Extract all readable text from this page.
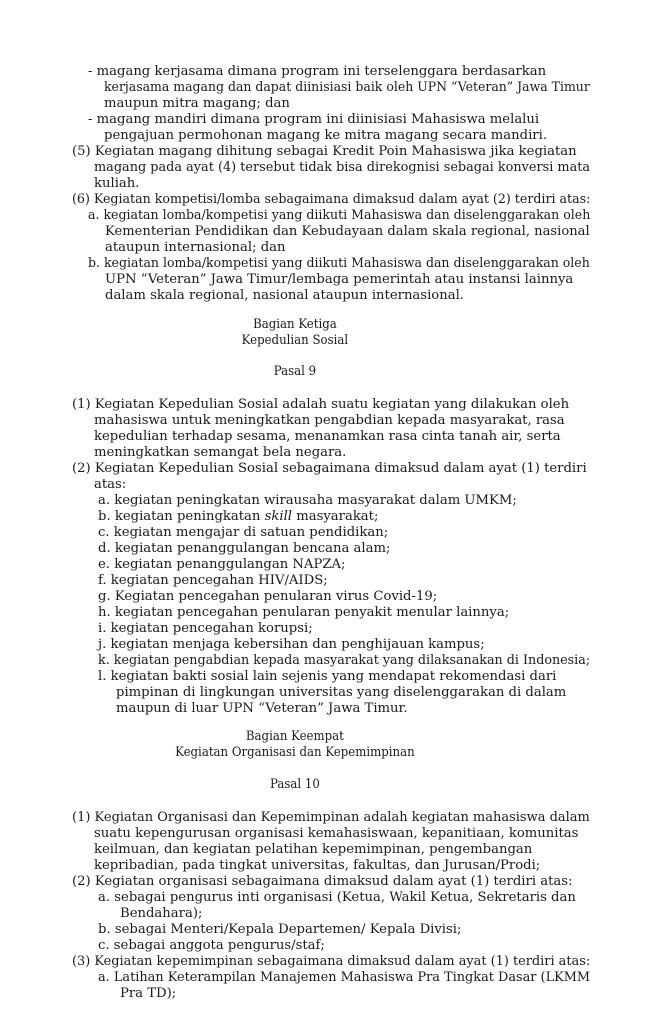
- magang kerjasama dimana program ini terselenggara berdasarkan
kerjasama magang dan dapat diinisiasi baik oleh UPN “Veteran” Jawa Timur
maupun mitra magang; dan
- magang mandiri dimana program ini diinisiasi Mahasiswa melalui
pengajuan permohonan magang ke mitra magang secara mandiri.
(5) Kegiatan magang dihitung sebagai Kredit Poin Mahasiswa jika kegiatan
magang pada ayat (4) tersebut tidak bisa direkognisi sebagai konversi mata
kuliah.
(6) Kegiatan kompetisi/lomba sebagaimana dimaksud dalam ayat (2) terdiri atas:
a. kegiatan lomba/kompetisi yang diikuti Mahasiswa dan diselenggarakan oleh
Kementerian Pendidikan dan Kebudayaan dalam skala regional, nasional
ataupun internasional; dan
b. kegiatan lomba/kompetisi yang diikuti Mahasiswa dan diselenggarakan oleh
UPN “Veteran” Jawa Timur/lembaga pemerintah atau instansi lainnya
dalam skala regional, nasional ataupun internasional.
Bagian Ketiga
Kepedulian Sosial
Pasal 9
(1) Kegiatan Kepedulian Sosial adalah suatu kegiatan yang dilakukan oleh
mahasiswa untuk meningkatkan pengabdian kepada masyarakat, rasa
kepedulian terhadap sesama, menanamkan rasa cinta tanah air, serta
meningkatkan semangat bela negara.
(2) Kegiatan Kepedulian Sosial sebagaimana dimaksud dalam ayat (1) terdiri
atas:
a. kegiatan peningkatan wirausaha masyarakat dalam UMKM;
b. kegiatan peningkatan skill masyarakat;
c. kegiatan mengajar di satuan pendidikan;
d. kegiatan penanggulangan bencana alam;
e. kegiatan penanggulangan NAPZA;
f. kegiatan pencegahan HIV/AIDS;
g. Kegiatan pencegahan penularan virus Covid-19;
h. kegiatan pencegahan penularan penyakit menular lainnya;
i. kegiatan pencegahan korupsi;
j. kegiatan menjaga kebersihan dan penghijauan kampus;
k. kegiatan pengabdian kepada masyarakat yang dilaksanakan di Indonesia;
l. kegiatan bakti sosial lain sejenis yang mendapat rekomendasi dari
pimpinan di lingkungan universitas yang diselenggarakan di dalam
maupun di luar UPN “Veteran” Jawa Timur.
Bagian Keempat
Kegiatan Organisasi dan Kepemimpinan
Pasal 10
(1) Kegiatan Organisasi dan Kepemimpinan adalah kegiatan mahasiswa dalam
suatu kepengurusan organisasi kemahasiswaan, kepanitiaan, komunitas
keilmuan, dan kegiatan pelatihan kepemimpinan, pengembangan
kepribadian, pada tingkat universitas, fakultas, dan Jurusan/Prodi;
(2) Kegiatan organisasi sebagaimana dimaksud dalam ayat (1) terdiri atas:
a. sebagai pengurus inti organisasi (Ketua, Wakil Ketua, Sekretaris dan
Bendahara);
b. sebagai Menteri/Kepala Departemen/ Kepala Divisi;
c. sebagai anggota pengurus/staf;
(3) Kegiatan kepemimpinan sebagaimana dimaksud dalam ayat (1) terdiri atas:
a. Latihan Keterampilan Manajemen Mahasiswa Pra Tingkat Dasar (LKMM
Pra TD);
